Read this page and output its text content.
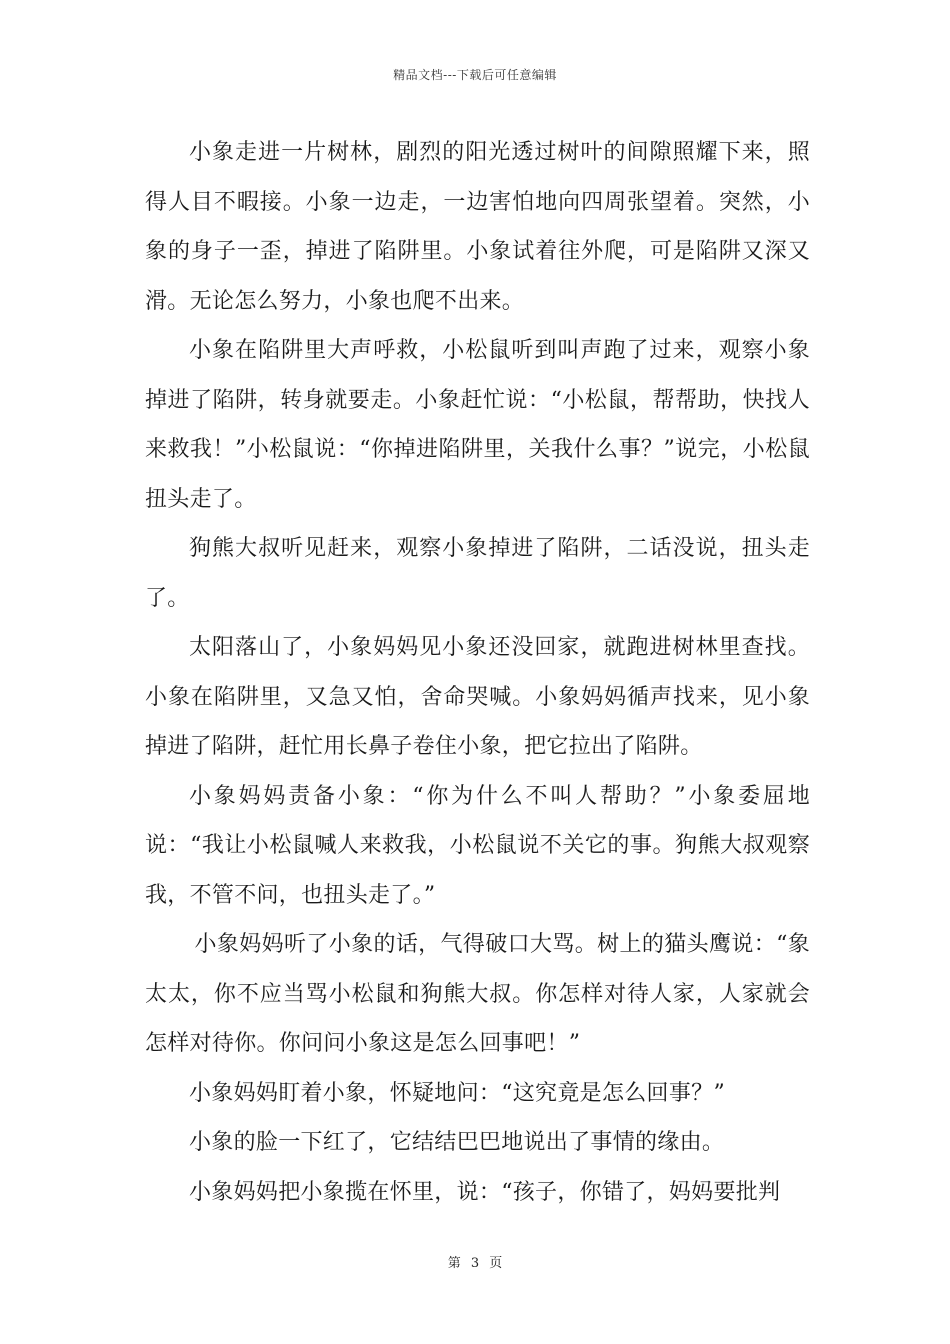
精品文档---下载后可任意编辑

小象走进一片树林，剧烈的阳光透过树叶的间隙照耀下来，照得人目不暇接。小象一边走，一边害怕地向四周张望着。突然，小象的身子一歪，掉进了陷阱里。小象试着往外爬，可是陷阱又深又滑。无论怎么努力，小象也爬不出来。

小象在陷阱里大声呼救，小松鼠听到叫声跑了过来，观察小象掉进了陷阱，转身就要走。小象赶忙说：“小松鼠，帮帮助，快找人来救我！”小松鼠说：“你掉进陷阱里，关我什么事？”说完，小松鼠扭头走了。

狗熊大叔听见赶来，观察小象掉进了陷阱，二话没说，扭头走了。

太阳落山了，小象妈妈见小象还没回家，就跑进树林里查找。小象在陷阱里，又急又怕，舍命哭喊。小象妈妈循声找来，见小象掉进了陷阱，赶忙用长鼻子卷住小象，把它拉出了陷阱。

小象妈妈责备小象：“你为什么不叫人帮助？”小象委屈地说：“我让小松鼠喊人来救我，小松鼠说不关它的事。狗熊大叔观察我，不管不问，也扭头走了。”

小象妈妈听了小象的话，气得破口大骂。树上的猫头鹰说：“象太太，你不应当骂小松鼠和狗熊大叔。你怎样对待人家，人家就会怎样对待你。你问问小象这是怎么回事吧！”

小象妈妈盯着小象，怀疑地问：“这究竟是怎么回事？”

小象的脸一下红了，它结结巴巴地说出了事情的缘由。

小象妈妈把小象揽在怀里，说：“孩子，你错了，妈妈要批判

第 3 页
